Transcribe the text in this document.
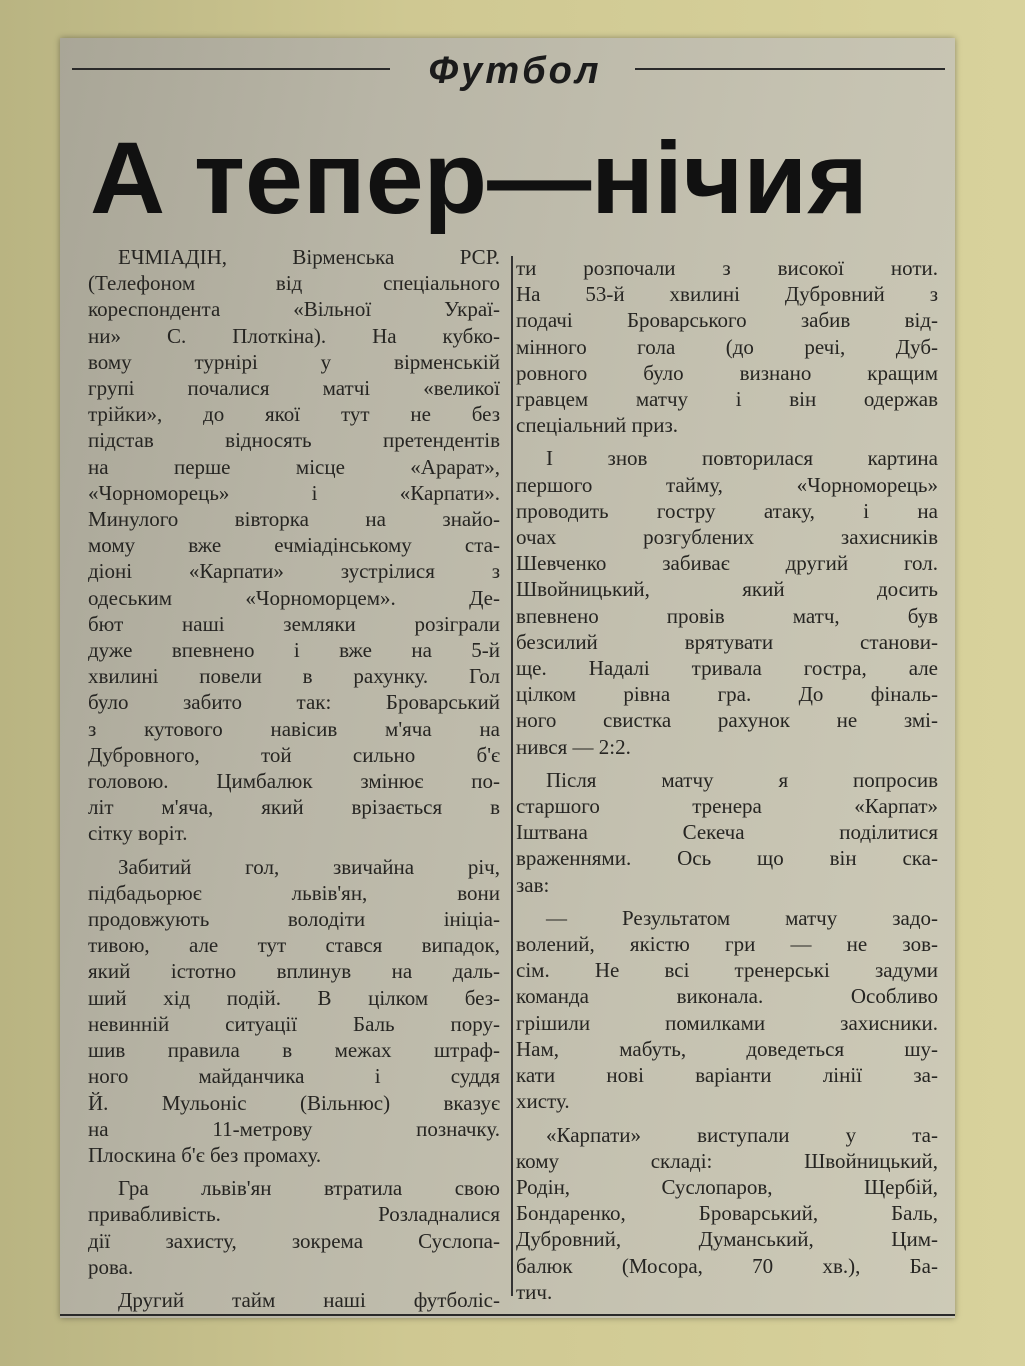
Футбол
А тепер—нічия
ЕЧМІАДІН, Вірменська РСР.
(Телефоном від спеціального
кореспондента «Вільної Украї-
ни» С. Плоткіна). На кубко-
вому турнірі у вірменській
групі почалися матчі «великої
трійки», до якої тут не без
підстав відносять претендентів
на перше місце «Арарат»,
«Чорноморець» і «Карпати».
Минулого вівторка на знайо-
мому вже ечміадінському ста-
діоні «Карпати» зустрілися з
одеським «Чорноморцем». Де-
бют наші земляки розіграли
дуже впевнено і вже на 5-й
хвилині повели в рахунку. Гол
було забито так: Броварський
з кутового навісив м'яча на
Дубровного, той сильно б'є
головою. Цимбалюк змінює по-
літ м'яча, який врізається в
сітку воріт.
Забитий гол, звичайна річ,
підбадьорює львів'ян, вони
продовжують володіти ініціа-
тивою, але тут стався випадок,
який істотно вплинув на даль-
ший хід подій. В цілком без-
невинній ситуації Баль пору-
шив правила в межах штраф-
ного майданчика і суддя
Й. Мульоніс (Вільнюс) вказує
на 11-метрову позначку.
Плоскина б'є без промаху.
Гра львів'ян втратила свою
привабливість. Розладналися
дії захисту, зокрема Суслопа-
рова.
Другий тайм наші футболіс-
ти розпочали з високої ноти.
На 53-й хвилині Дубровний з
подачі Броварського забив від-
мінного гола (до речі, Дуб-
ровного було визнано кращим
гравцем матчу і він одержав
спеціальний приз.
І знов повторилася картина
першого тайму, «Чорноморець»
проводить гостру атаку, і на
очах розгублених захисників
Шевченко забиває другий гол.
Швойницький, який досить
впевнено провів матч, був
безсилий врятувати станови-
ще. Надалі тривала гостра, але
цілком рівна гра. До фіналь-
ного свистка рахунок не змі-
нився — 2:2.
Після матчу я попросив
старшого тренера «Карпат»
Іштвана Секеча поділитися
враженнями. Ось що він ска-
зав:
— Результатом матчу задо-
волений, якістю гри — не зов-
сім. Не всі тренерські задуми
команда виконала. Особливо
грішили помилками захисники.
Нам, мабуть, доведеться шу-
кати нові варіанти лінії за-
хисту.
«Карпати» виступали у та-
кому складі: Швойницький,
Родін, Суслопаров, Щербій,
Бондаренко, Броварський, Баль,
Дубровний, Думанський, Цим-
балюк (Мосора, 70 хв.), Ба-
тич.
